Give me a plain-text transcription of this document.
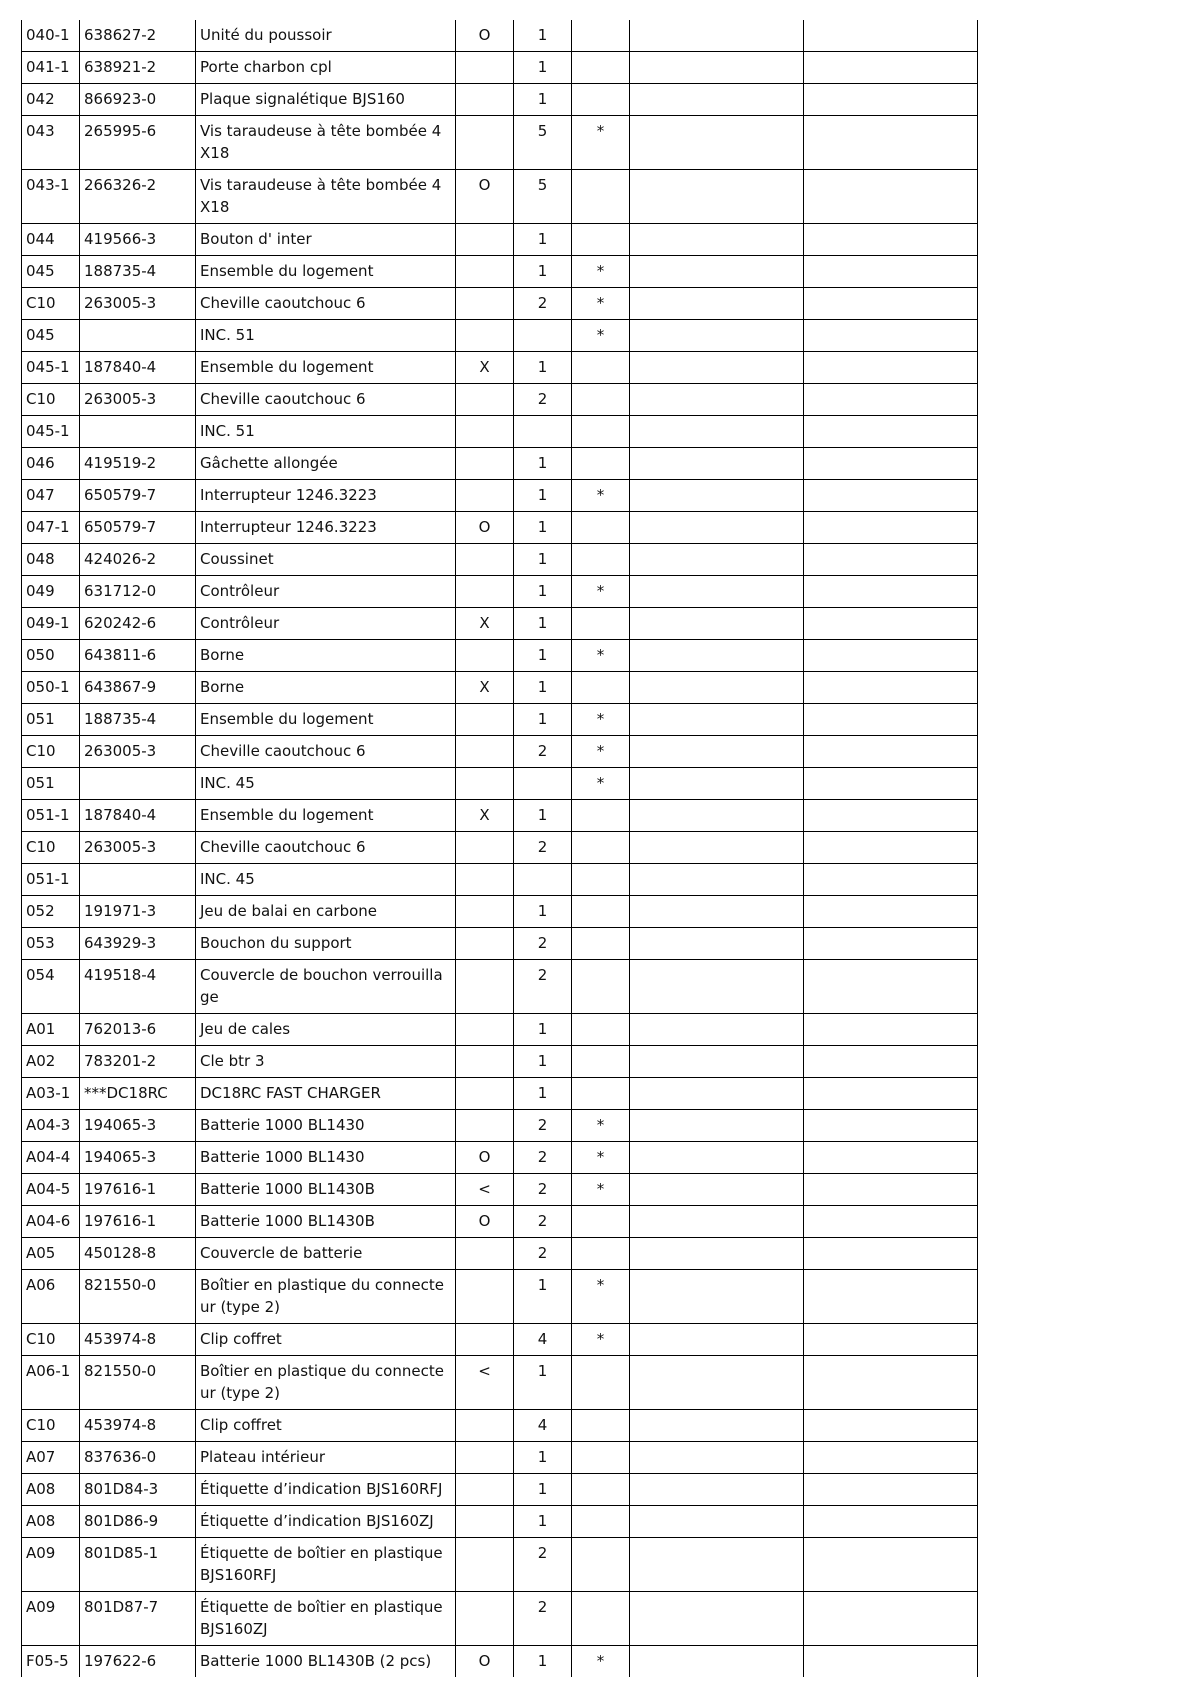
040-1	638627-2	Unité du poussoir	O	1			
041-1	638921-2	Porte charbon cpl		1			
042	866923-0	Plaque signalétique BJS160		1			
043	265995-6	Vis taraudeuse à tête bombée 4X18		5	*		
043-1	266326-2	Vis taraudeuse à tête bombée 4X18	O	5			
044	419566-3	Bouton d' inter		1			
045	188735-4	Ensemble du logement		1	*		
C10	263005-3	Cheville caoutchouc 6		2	*		
045		INC. 51			*		
045-1	187840-4	Ensemble du logement	X	1			
C10	263005-3	Cheville caoutchouc 6		2			
045-1		INC. 51					
046	419519-2	Gâchette allongée		1			
047	650579-7	Interrupteur 1246.3223		1	*		
047-1	650579-7	Interrupteur 1246.3223	O	1			
048	424026-2	Coussinet		1			
049	631712-0	Contrôleur		1	*		
049-1	620242-6	Contrôleur	X	1			
050	643811-6	Borne		1	*		
050-1	643867-9	Borne	X	1			
051	188735-4	Ensemble du logement		1	*		
C10	263005-3	Cheville caoutchouc 6		2	*		
051		INC. 45			*		
051-1	187840-4	Ensemble du logement	X	1			
C10	263005-3	Cheville caoutchouc 6		2			
051-1		INC. 45					
052	191971-3	Jeu de balai en carbone		1			
053	643929-3	Bouchon du support		2			
054	419518-4	Couvercle de bouchon verrouillage		2			
A01	762013-6	Jeu de cales		1			
A02	783201-2	Cle btr 3		1			
A03-1	***DC18RC	DC18RC FAST CHARGER		1			
A04-3	194065-3	Batterie 1000 BL1430		2	*		
A04-4	194065-3	Batterie 1000 BL1430	O	2	*		
A04-5	197616-1	Batterie 1000 BL1430B	<	2	*		
A04-6	197616-1	Batterie 1000 BL1430B	O	2			
A05	450128-8	Couvercle de batterie		2			
A06	821550-0	Boîtier en plastique du connecteur (type 2)		1	*		
C10	453974-8	Clip coffret		4	*		
A06-1	821550-0	Boîtier en plastique du connecteur (type 2)	<	1			
C10	453974-8	Clip coffret		4			
A07	837636-0	Plateau intérieur		1			
A08	801D84-3	Étiquette d’indication BJS160RFJ		1			
A08	801D86-9	Étiquette d’indication BJS160ZJ		1			
A09	801D85-1	Étiquette de boîtier en plastique BJS160RFJ		2			
A09	801D87-7	Étiquette de boîtier en plastique BJS160ZJ		2			
F05-5	197622-6	Batterie 1000 BL1430B (2 pcs)	O	1	*		
